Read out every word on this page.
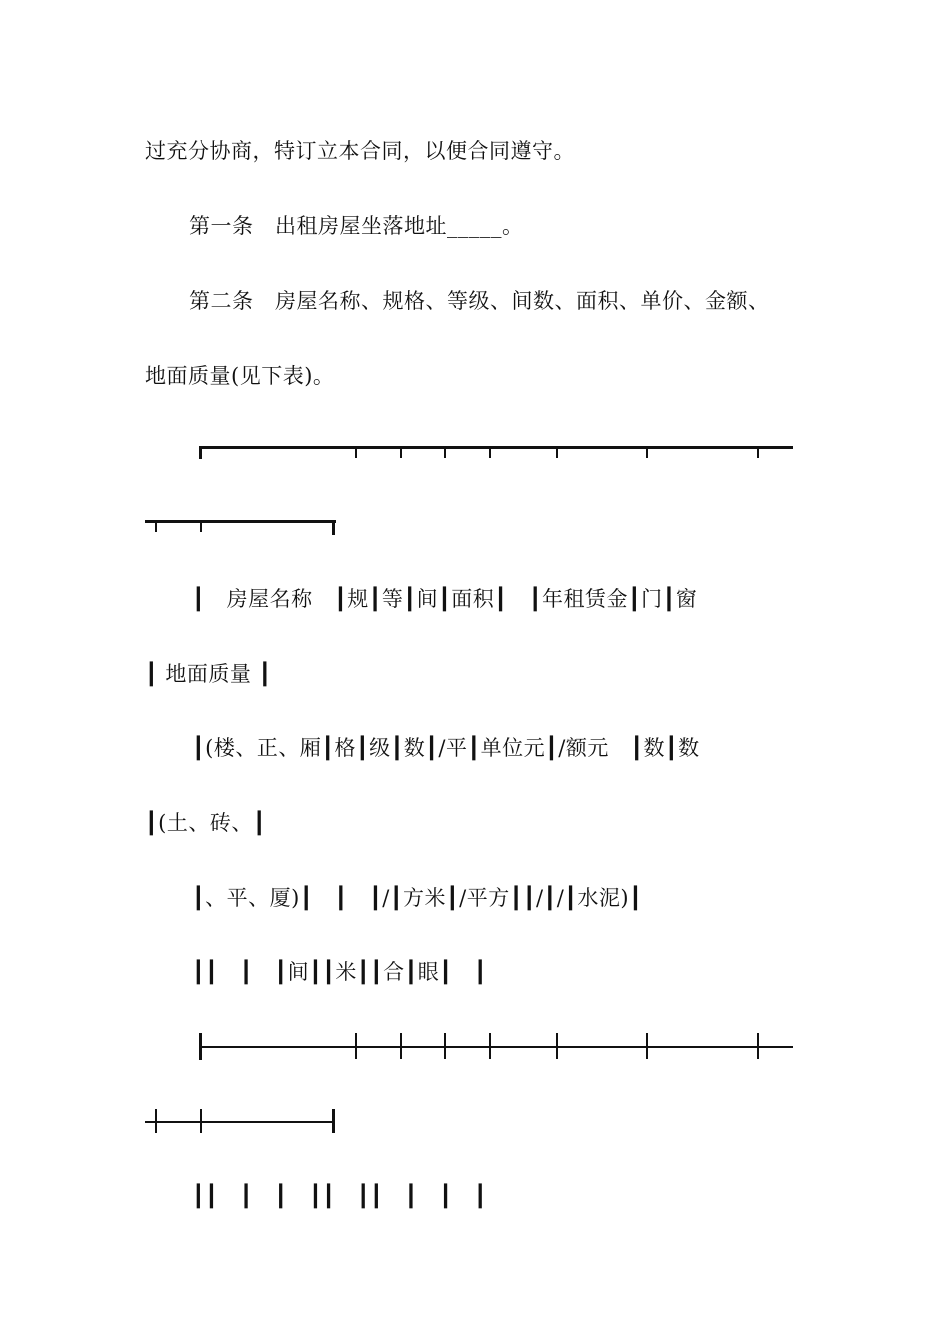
过充分协商，特订立本合同，以便合同遵守。
第一条　出租房屋坐落地址_____。
第二条　房屋名称、规格、等级、间数、面积、单价、金额、
地面质量(见下表)。
┃　房屋名称　┃规┃等┃间┃面积┃　┃年租赁金┃门┃窗
┃ 地面质量 ┃
┃(楼、正、厢┃格┃级┃数┃/平┃单位元┃/额元　┃数┃数
┃(土、砖、┃
┃、平、厦)┃　┃　┃/┃方米┃/平方┃┃/┃/┃水泥)┃
┃┃　┃　┃间┃┃米┃┃合┃眼┃　┃
┃┃　┃　┃　┃┃　┃┃　┃　┃　┃
